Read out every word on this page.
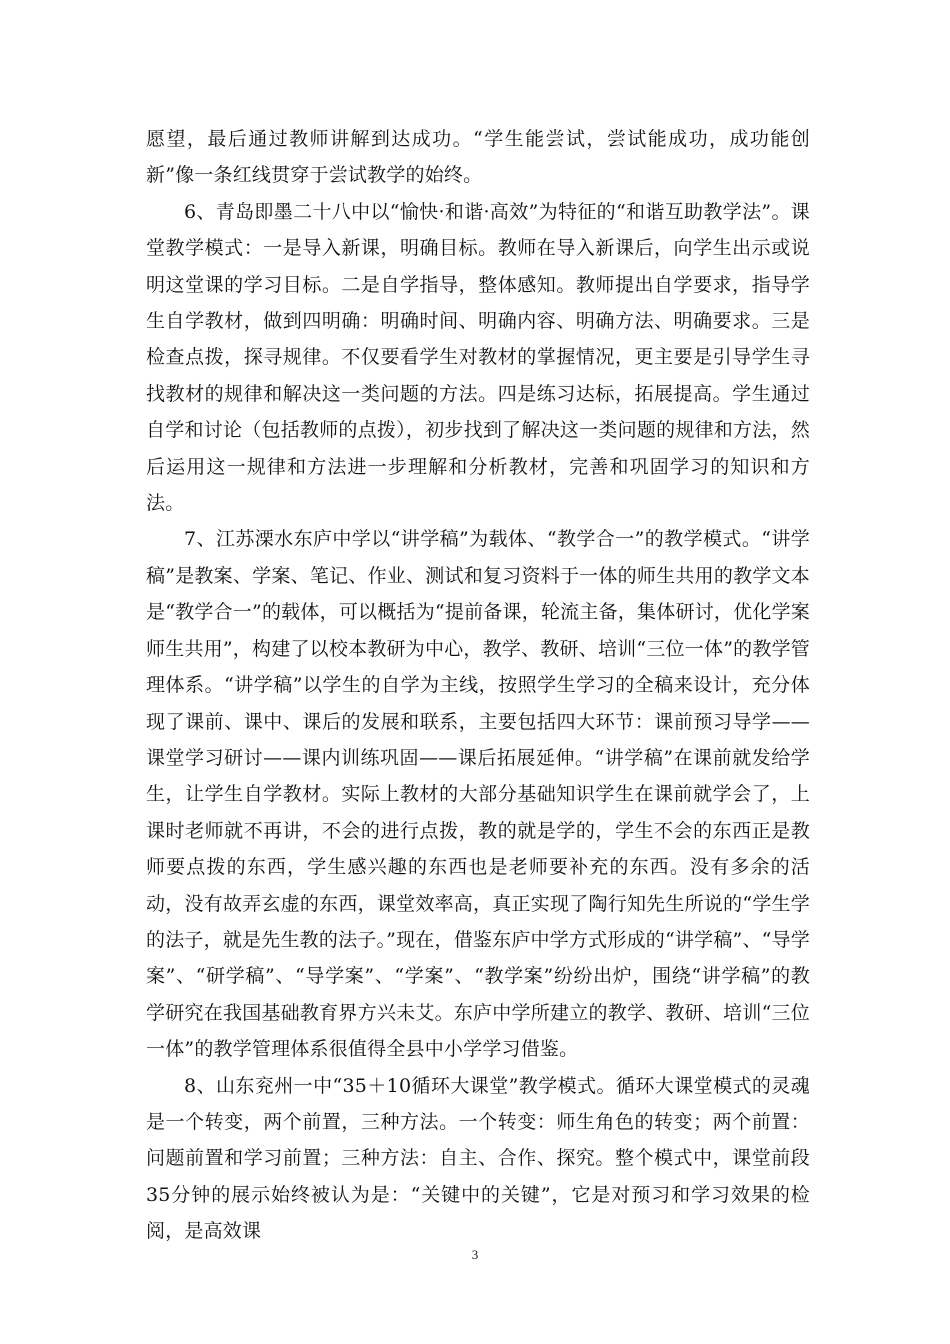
愿望，最后通过教师讲解到达成功。“学生能尝试，尝试能成功，成功能创新”像一条红线贯穿于尝试教学的始终。

6、青岛即墨二十八中以“愉快·和谐·高效”为特征的“和谐互助教学法”。课堂教学模式：一是导入新课，明确目标。教师在导入新课后，向学生出示或说明这堂课的学习目标。二是自学指导，整体感知。教师提出自学要求，指导学生自学教材，做到四明确：明确时间、明确内容、明确方法、明确要求。三是检查点拨，探寻规律。不仅要看学生对教材的掌握情况，更主要是引导学生寻找教材的规律和解决这一类问题的方法。四是练习达标，拓展提高。学生通过自学和讨论（包括教师的点拨），初步找到了解决这一类问题的规律和方法，然后运用这一规律和方法进一步理解和分析教材，完善和巩固学习的知识和方法。

7、江苏溧水东庐中学以“讲学稿”为载体、“教学合一”的教学模式。“讲学稿”是教案、学案、笔记、作业、测试和复习资料于一体的师生共用的教学文本是“教学合一”的载体，可以概括为“提前备课，轮流主备，集体研讨，优化学案师生共用”，构建了以校本教研为中心，教学、教研、培训“三位一体”的教学管理体系。“讲学稿”以学生的自学为主线，按照学生学习的全稿来设计，充分体现了课前、课中、课后的发展和联系，主要包括四大环节：课前预习导学——课堂学习研讨——课内训练巩固——课后拓展延伸。“讲学稿”在课前就发给学生，让学生自学教材。实际上教材的大部分基础知识学生在课前就学会了，上课时老师就不再讲，不会的进行点拨，教的就是学的，学生不会的东西正是教师要点拨的东西，学生感兴趣的东西也是老师要补充的东西。没有多余的活动，没有故弄玄虚的东西，课堂效率高，真正实现了陶行知先生所说的“学生学的法子，就是先生教的法子。”现在，借鉴东庐中学方式形成的“讲学稿”、“导学案”、“研学稿”、“导学案”、“学案”、“教学案”纷纷出炉，围绕“讲学稿”的教学研究在我国基础教育界方兴未艾。东庐中学所建立的教学、教研、培训“三位一体”的教学管理体系很值得全县中小学学习借鉴。

8、山东兖州一中“35＋10循环大课堂”教学模式。循环大课堂模式的灵魂是一个转变，两个前置，三种方法。一个转变：师生角色的转变；两个前置：问题前置和学习前置；三种方法：自主、合作、探究。整个模式中，课堂前段35分钟的展示始终被认为是：“关键中的关键”，它是对预习和学习效果的检阅，是高效课

3
